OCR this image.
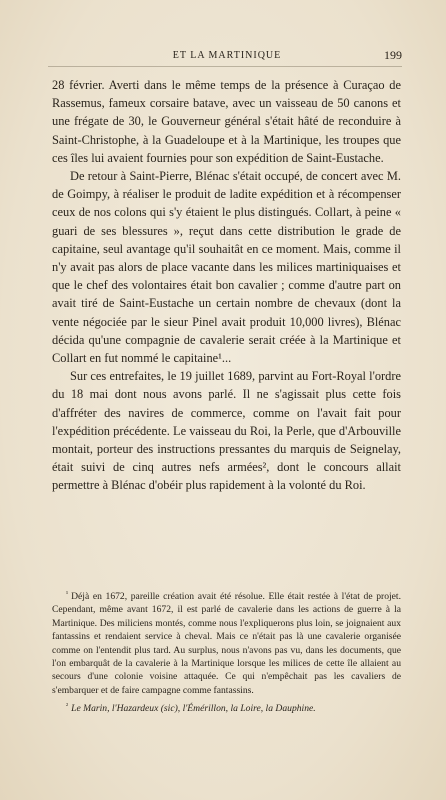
ET LA MARTINIQUE	199

28 février. Averti dans le même temps de la présence à Curaçao de Rassemus, fameux corsaire batave, avec un vaisseau de 50 canons et une frégate de 30, le Gouverneur général s'était hâté de reconduire à Saint-Christophe, à la Guadeloupe et à la Martinique, les troupes que ces îles lui avaient fournies pour son expédition de Saint-Eustache.

De retour à Saint-Pierre, Blénac s'était occupé, de concert avec M. de Goimpy, à réaliser le produit de ladite expédition et à récompenser ceux de nos colons qui s'y étaient le plus distingués. Collart, à peine « guari de ses blessures », reçut dans cette distribution le grade de capitaine, seul avantage qu'il souhaitât en ce moment. Mais, comme il n'y avait pas alors de place vacante dans les milices martiniquaises et que le chef des volontaires était bon cavalier ; comme d'autre part on avait tiré de Saint-Eustache un certain nombre de chevaux (dont la vente négociée par le sieur Pinel avait produit 10,000 livres), Blénac décida qu'une compagnie de cavalerie serait créée à la Martinique et Collart en fut nommé le capitaine¹...

Sur ces entrefaites, le 19 juillet 1689, parvint au Fort-Royal l'ordre du 18 mai dont nous avons parlé. Il ne s'agissait plus cette fois d'affréter des navires de commerce, comme on l'avait fait pour l'expédition précédente. Le vaisseau du Roi, la Perle, que d'Arbouville montait, porteur des instructions pressantes du marquis de Seignelay, était suivi de cinq autres nefs armées², dont le concours allait permettre à Blénac d'obéir plus rapidement à la volonté du Roi.

$^{^1}$ Déjà en 1672, pareille création avait été résolue. Elle était restée à l'état de projet. Cependant, même avant 1672, il est parlé de cavalerie dans les actions de guerre à la Martinique. Des miliciens montés, comme nous l'expliquerons plus loin, se joignaient aux fantassins et rendaient service à cheval. Mais ce n'était pas là une cavalerie organisée comme on l'entendit plus tard. Au surplus, nous n'avons pas vu, dans les documents, que l'on embarquât de la cavalerie à la Martinique lorsque les milices de cette île allaient au secours d'une colonie voisine attaquée. Ce qui n'empêchait pas les cavaliers de s'embarquer et de faire campagne comme fantassins.

$^{^2}$ Le Marin, l'Hazardeux (sic), l'Émérillon, la Loire, la Dauphine.
